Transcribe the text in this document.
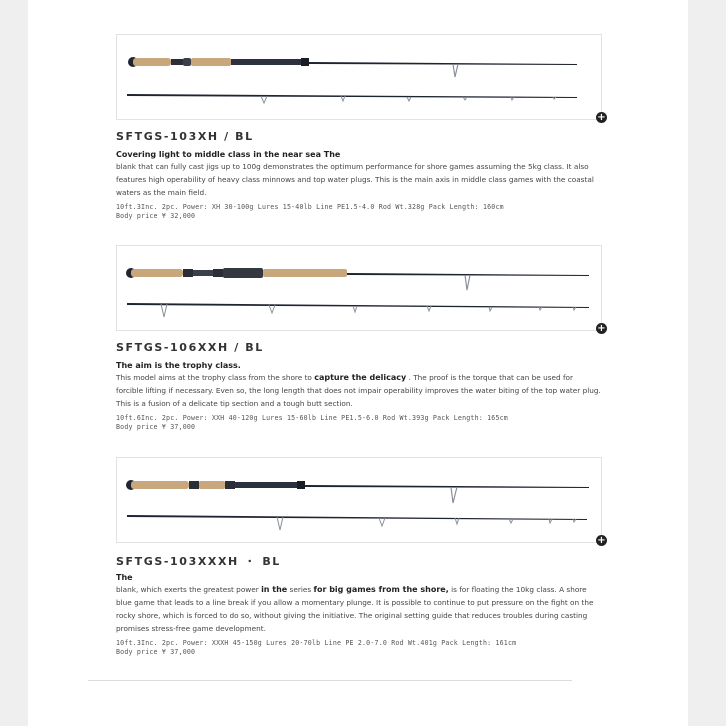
+
SFTGS-103XH / BL
Covering light to middle class in the near sea The
blank that can fully cast jigs up to 100g demonstrates the optimum performance for shore games assuming the 5kg class. It also features high operability of heavy class minnows and top water plugs. This is the main axis in middle class games with the coastal waters as the main field.
10ft.3Inc. 2pc. Power: XH 30-100g Lures 15-40lb Line PE1.5-4.0 Rod Wt.328g Pack Length: 160cm
Body price ¥ 32,000
+
SFTGS-106XXH / BL
The aim is the trophy class.
This model aims at the trophy class from the shore to capture the delicacy . The proof is the torque that can be used for forcible lifting if necessary. Even so, the long length that does not impair operability improves the water biting of the top water plug. This is a fusion of a delicate tip section and a tough butt section.
10ft.6Inc. 2pc. Power: XXH 40-120g Lures 15-60lb Line PE1.5-6.0 Rod Wt.393g Pack Length: 165cm
Body price ¥ 37,000
+
SFTGS-103XXXH ・ BL
The
blank, which exerts the greatest power in the series for big games from the shore, is for floating the 10kg class. A shore blue game that leads to a line break if you allow a momentary plunge. It is possible to continue to put pressure on the fight on the rocky shore, which is forced to do so, without giving the initiative. The original setting guide that reduces troubles during casting promises stress-free game development.
10ft.3Inc. 2pc. Power: XXXH 45-150g Lures 20-70lb Line PE 2.0-7.0 Rod Wt.401g Pack Length: 161cm
Body price ¥ 37,000
